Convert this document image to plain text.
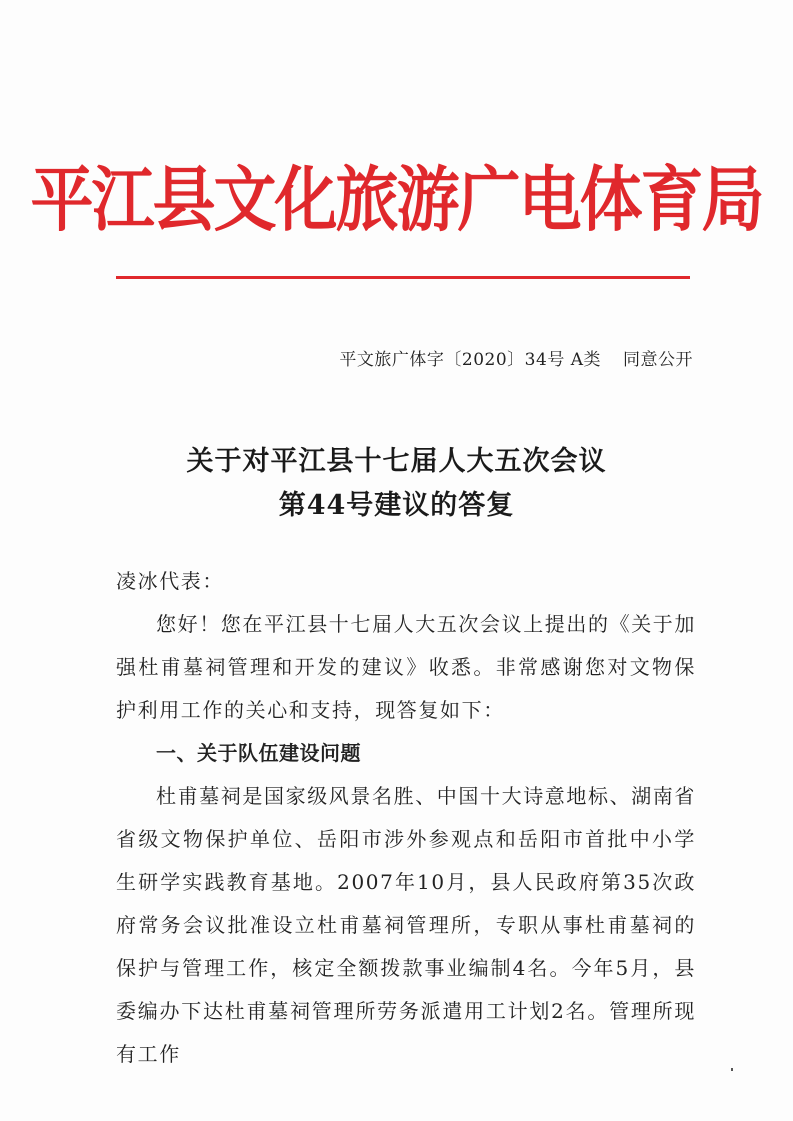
平江县文化旅游广电体育局
平文旅广体字〔2020〕34号 A类 同意公开
关于对平江县十七届人大五次会议
第44号建议的答复

凌冰代表：

您好！您在平江县十七届人大五次会议上提出的《关于加强杜甫墓祠管理和开发的建议》收悉。非常感谢您对文物保护利用工作的关心和支持，现答复如下：

一、关于队伍建设问题

杜甫墓祠是国家级风景名胜、中国十大诗意地标、湖南省省级文物保护单位、岳阳市涉外参观点和岳阳市首批中小学生研学实践教育基地。2007年10月，县人民政府第35次政府常务会议批准设立杜甫墓祠管理所，专职从事杜甫墓祠的保护与管理工作，核定全额拨款事业编制4名。今年5月，县委编办下达杜甫墓祠管理所劳务派遣用工计划2名。管理所现有工作
